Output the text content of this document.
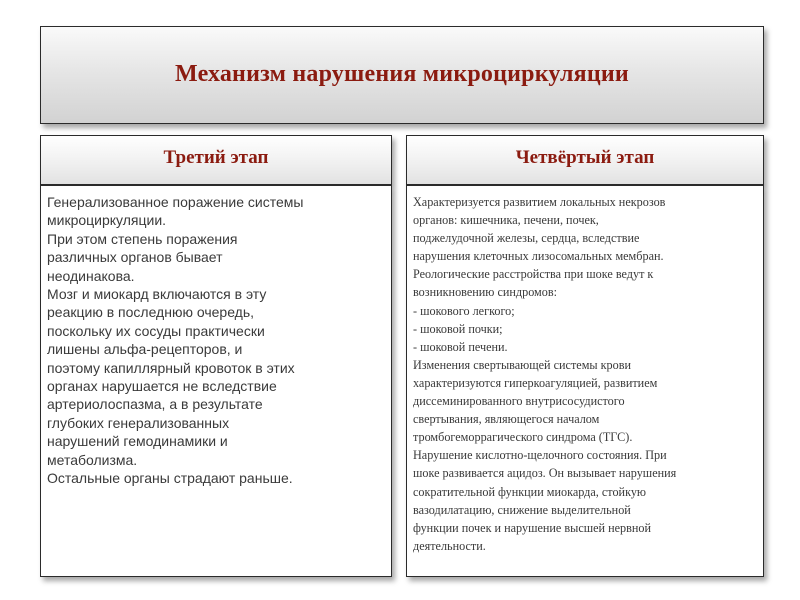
Механизм нарушения микроциркуляции
Третий этап	Четвёртый этап
Генерализованное поражение системы
микроциркуляции.
При этом степень поражения
различных органов бывает
неодинакова.
Мозг и миокард включаются в эту
реакцию в последнюю очередь,
поскольку их сосуды практически
лишены альфа-рецепторов, и
поэтому капиллярный кровоток в этих
органах нарушается не вследствие
артериолоспазма, а в результате
глубоких генерализованных
нарушений гемодинамики и
метаболизма.
Остальные органы страдают раньше.
Характеризуется развитием локальных некрозов
органов: кишечника, печени, почек,
поджелудочной железы, сердца, вследствие
нарушения клеточных лизосомальных мембран.
Реологические расстройства при шоке ведут к
возникновению синдромов:
- шокового легкого;
- шоковой почки;
- шоковой печени.
Изменения свертывающей системы крови
характеризуются гиперкоагуляцией, развитием
диссеминированного внутрисосудистого
свертывания, являющегося началом
тромбогеморрагического синдрома (ТГС).
Нарушение кислотно-щелочного состояния. При
шоке развивается ацидоз. Он вызывает нарушения
сократительной функции миокарда, стойкую
вазодилатацию, снижение выделительной
функции почек и нарушение высшей нервной
деятельности.
